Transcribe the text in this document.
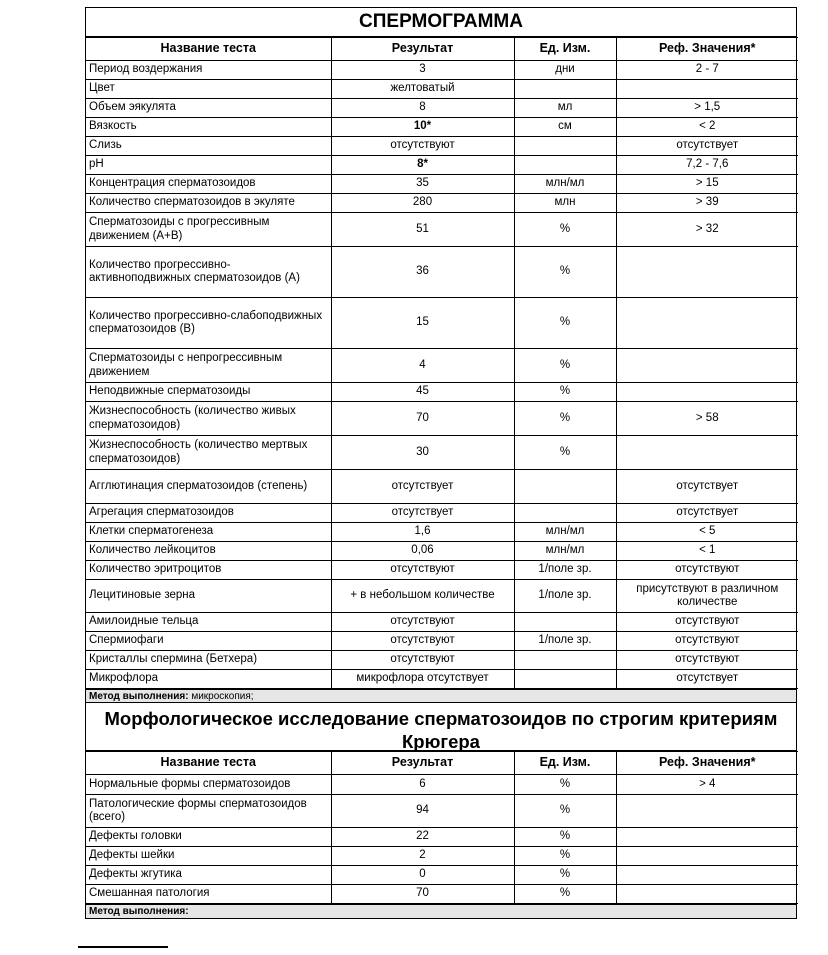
СПЕРМОГРАММА
Название теста	Результат	Ед. Изм.	Реф. Значения*
Период воздержания	3	дни	2 - 7
Цвет	желтоватый		
Объем эякулята	8	мл	> 1,5
Вязкость	10*	см	< 2
Слизь	отсутствуют		отсутствует
pH	8*		7,2 - 7,6
Концентрация сперматозоидов	35	млн/мл	> 15
Количество сперматозоидов в экуляте	280	млн	> 39
Сперматозоиды с прогрессивным движением (A+B)	51	%	> 32
Количество прогрессивно-активноподвижных сперматозоидов (A)	36	%	
Количество прогрессивно-слабоподвижных сперматозоидов (B)	15	%	
Сперматозоиды с непрогрессивным движением	4	%	
Неподвижные сперматозоиды	45	%	
Жизнеспособность (количество живых сперматозоидов)	70	%	> 58
Жизнеспособность (количество мертвых сперматозоидов)	30	%	
Агглютинация сперматозоидов (степень)	отсутствует		отсутствует
Агрегация сперматозоидов	отсутствует		отсутствует
Клетки сперматогенеза	1,6	млн/мл	< 5
Количество лейкоцитов	0,06	млн/мл	< 1
Количество эритроцитов	отсутствуют	1/поле зр.	отсутствуют
Лецитиновые зерна	+ в небольшом количестве	1/поле зр.	присутствуют в различном количестве
Амилоидные тельца	отсутствуют		отсутствуют
Спермиофаги	отсутствуют	1/поле зр.	отсутствуют
Кристаллы спермина (Бетхера)	отсутствуют		отсутствуют
Микрофлора	микрофлора отсутствует		отсутствует
Метод выполнения: микроскопия;
Морфологическое исследование сперматозоидов по строгим критериям Крюгера
Название теста	Результат	Ед. Изм.	Реф. Значения*
Нормальные формы сперматозоидов	6	%	> 4
Патологические формы сперматозоидов (всего)	94	%	
Дефекты головки	22	%	
Дефекты шейки	2	%	
Дефекты жгутика	0	%	
Смешанная патология	70	%	
Метод выполнения:
